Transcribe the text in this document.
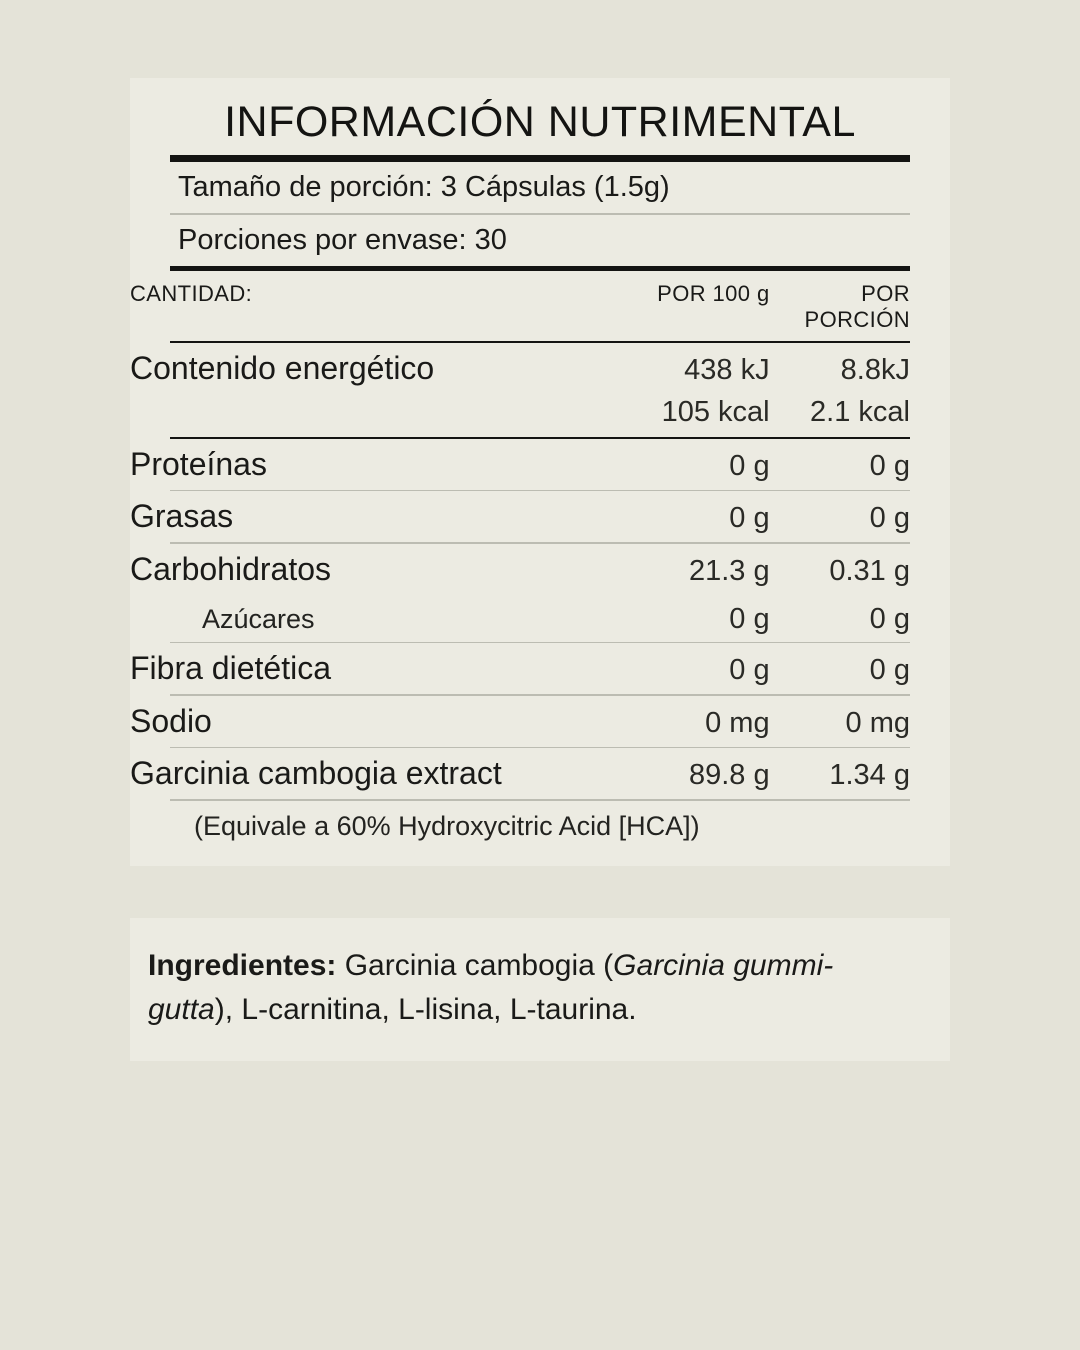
INFORMACIÓN NUTRIMENTAL
Tamaño de porción: 3 Cápsulas (1.5g)
Porciones por envase: 30
CANTIDAD:	POR 100 g	POR PORCIÓN
Contenido energético	438 kJ	8.8kJ
	105 kcal	2.1 kcal
Proteínas	0 g	0 g
Grasas	0 g	0 g
Carbohidratos	21.3 g	0.31 g
Azúcares	0 g	0 g
Fibra dietética	0 g	0 g
Sodio	0 mg	0 mg
Garcinia cambogia extract	89.8 g	1.34 g
(Equivale a 60% Hydroxycitric Acid [HCA])
Ingredientes: Garcinia cambogia (Garcinia gummi-gutta), L-carnitina, L-lisina, L-taurina.
